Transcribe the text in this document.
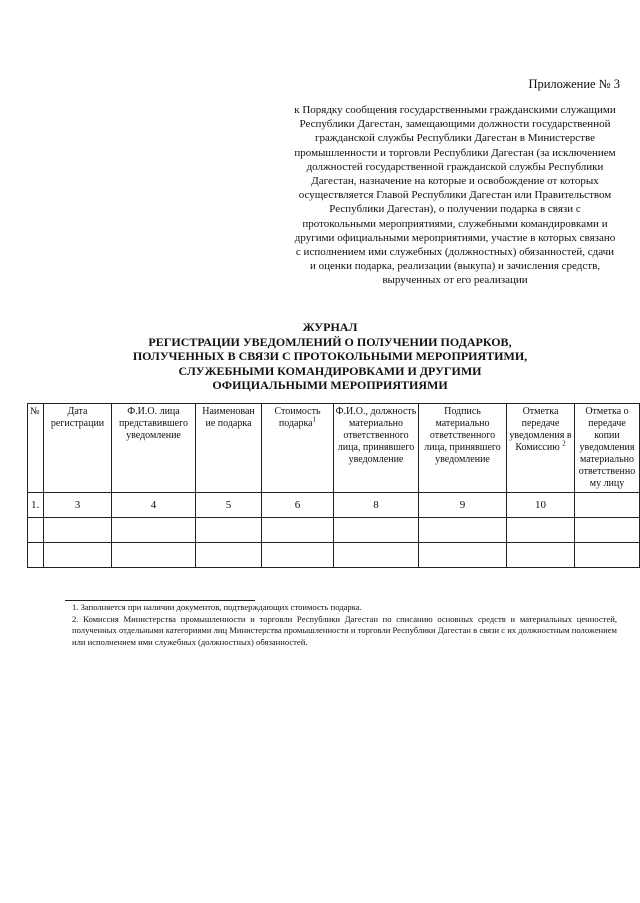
Приложение № 3
к Порядку сообщения государственными гражданскими служащими Республики Дагестан, замещающими должности государственной гражданской службы Республики Дагестан в Министерстве промышленности и торговли Республики Дагестан (за исключением должностей государственной гражданской службы Республики Дагестан, назначение на которые и освобождение от которых осуществляется Главой Республики Дагестан или Правительством Республики Дагестан), о получении подарка в связи с протокольными мероприятиями, служебными командировками и другими официальными мероприятиями, участие в которых связано с исполнением ими служебных (должностных) обязанностей, сдачи и оценки подарка, реализации (выкупа) и зачисления средств, вырученных от его реализации
ЖУРНАЛ
РЕГИСТРАЦИИ УВЕДОМЛЕНИЙ О ПОЛУЧЕНИИ ПОДАРКОВ,
ПОЛУЧЕННЫХ В СВЯЗИ С ПРОТОКОЛЬНЫМИ МЕРОПРИЯТИМИ,
СЛУЖЕБНЫМИ КОМАНДИРОВКАМИ И ДРУГИМИ
ОФИЦИАЛЬНЫМИ МЕРОПРИЯТИЯМИ
№	Дата регистрации	Ф.И.О. лица представившего уведомление	Наименован ие подарка	Стоимость подарка$^1$	Ф.И.О., должность материально ответственного лица, принявшего уведомление	Подпись материально ответственного лица, принявшего уведомление	Отметка передаче уведомления в Комиссию $^2$	Отметка о передаче копии уведомления материально ответственно му лицу
1.	3	4	5	6	8	9	10	

1. Заполняется при наличии документов, подтверждающих стоимость подарка.

2. Комиссия Министерства промышленности и торговли Республики Дагестан по списанию основных средств и материальных ценностей, полученных отдельными категориями лиц Министерства промышленности и торговли Республики Дагестан в связи с их должностным положением или исполнением ими служебных (должностных) обязанностей.
